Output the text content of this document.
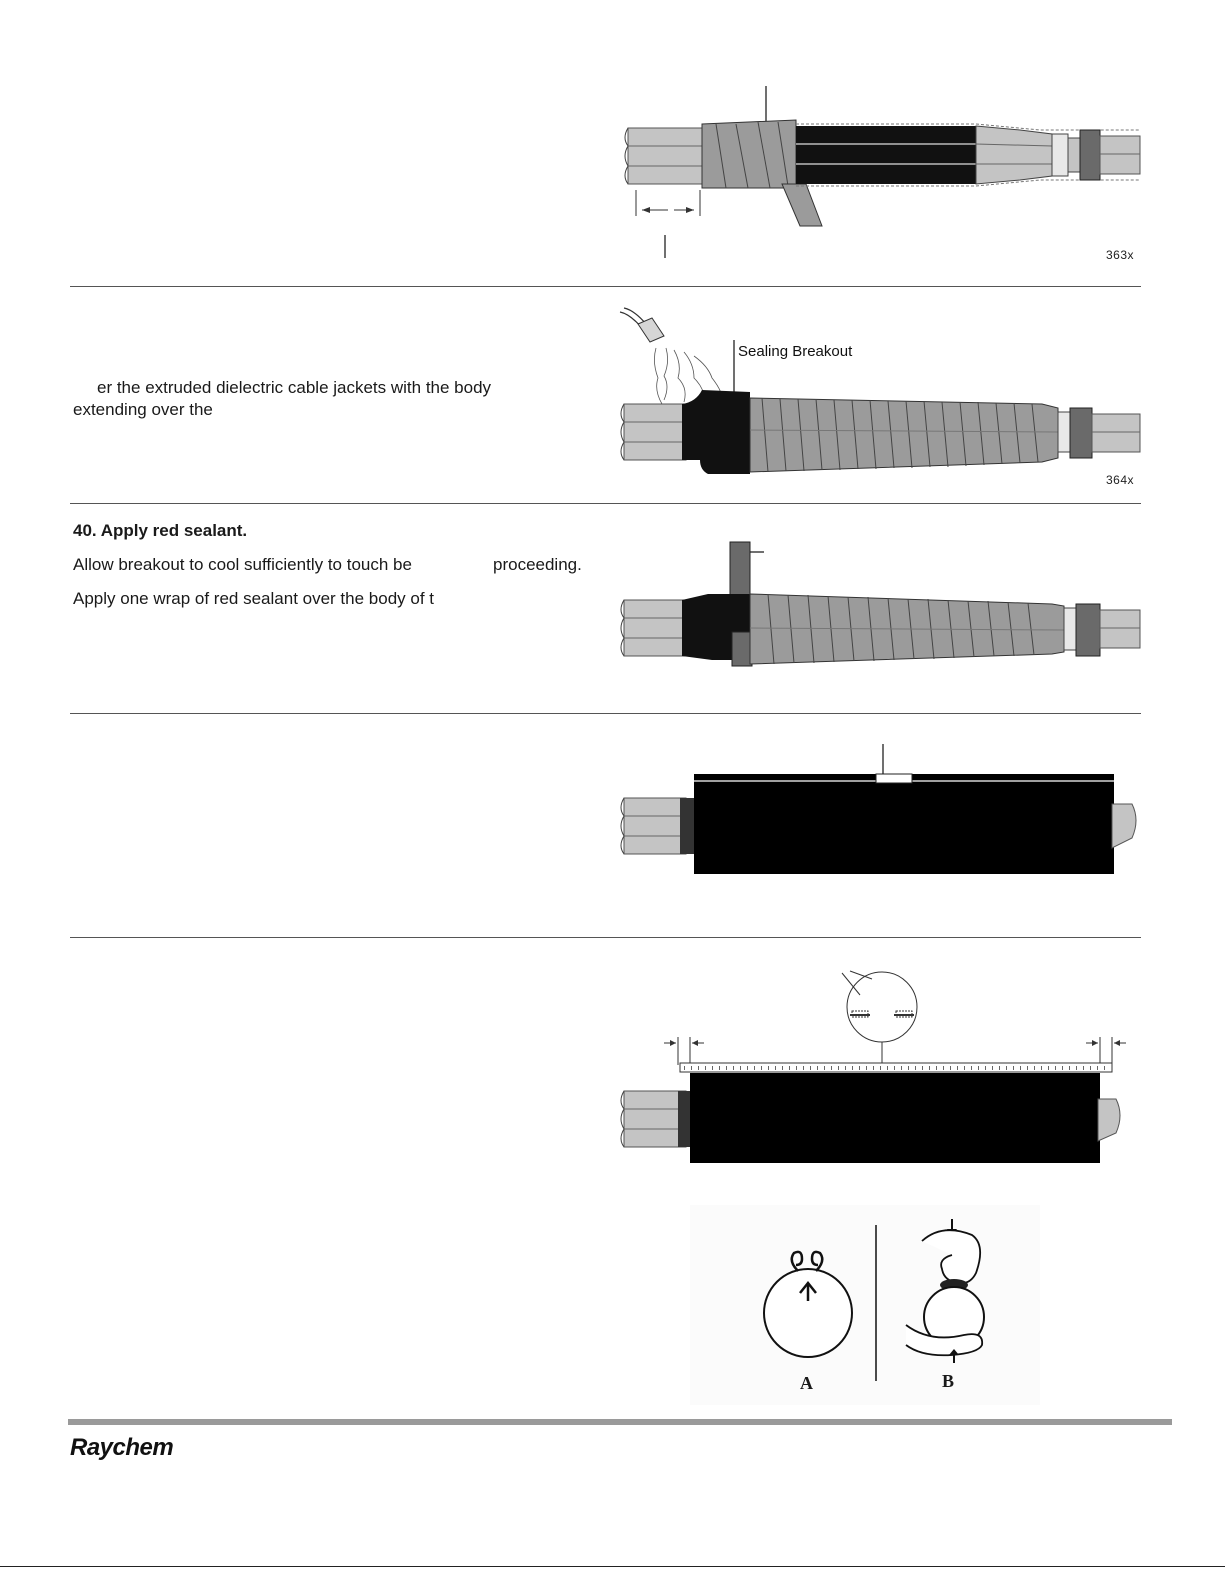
363x
er the extruded dielectric cable jackets with the body
extending over the
Sealing Breakout
364x
40. Apply red sealant.
Allow breakout to cool sufficiently to touch be	proceeding.
Apply one wrap of red sealant over the body of t
A	B
Raychem
